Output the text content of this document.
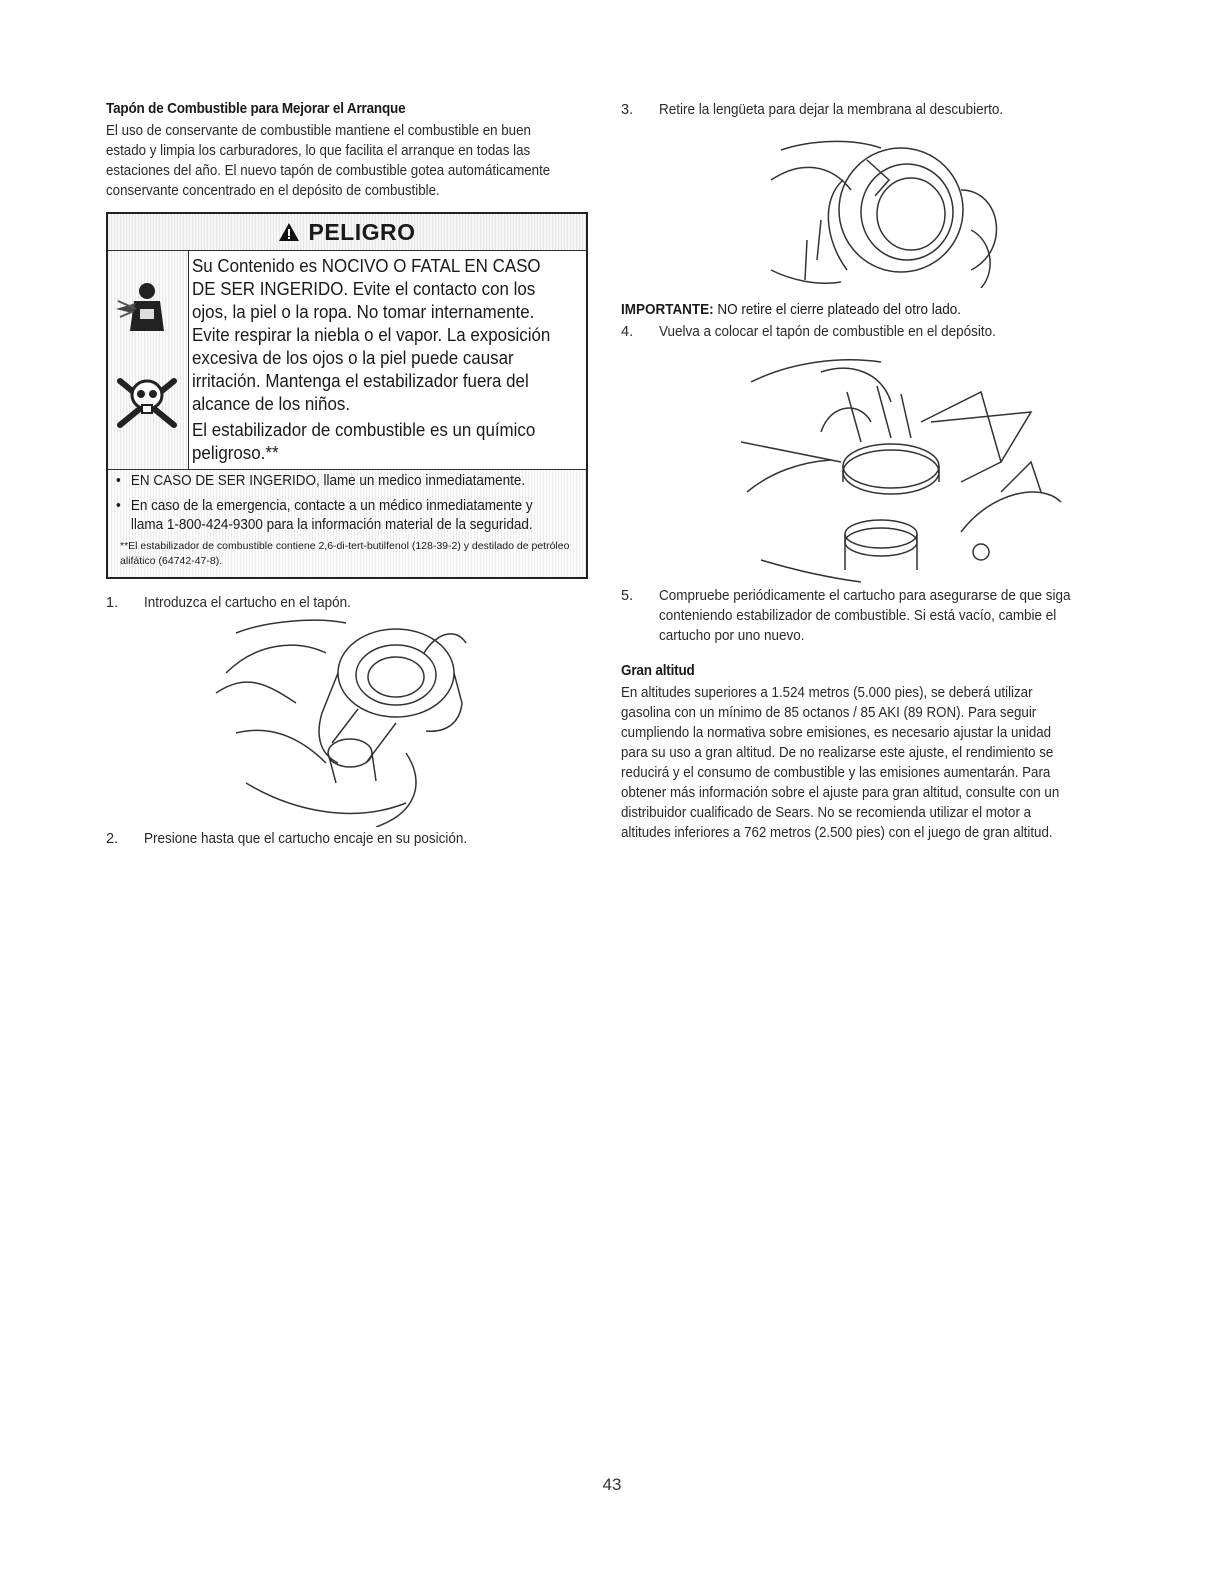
Tapón de Combustible para Mejorar el Arranque

El uso de conservante de combustible mantiene el combustible en buen estado y limpia los carburadores, lo que facilita el arranque en todas las estaciones del año. El nuevo tapón de combustible gotea automáticamente conservante concentrado en el depósito de combustible.

PELIGRO

Su Contenido es NOCIVO O FATAL EN CASO DE SER INGERIDO. Evite el contacto con los ojos, la piel o la ropa. No tomar internamente. Evite respirar la niebla o el vapor. La exposición excesiva de los ojos o la piel puede causar irritación. Mantenga el estabilizador fuera del alcance de los niños.

El estabilizador de combustible es un químico peligroso.**

• EN CASO DE SER INGERIDO, llame un medico inmediatamente.
• En caso de la emergencia, contacte a un médico inmediatamente y llama 1-800-424-9300 para la información material de la seguridad.
**El estabilizador de combustible contiene 2,6-di-tert-butilfenol (128-39-2) y destilado de petróleo alifático (64742-47-8).
1.	Introduzca el cartucho en el tapón.
2.	Presione hasta que el cartucho encaje en su posición.
3.	Retire la lengüeta para dejar la membrana al descubierto.
IMPORTANTE: NO retire el cierre plateado del otro lado.
4.	Vuelva a colocar el tapón de combustible en el depósito.
5.	Compruebe periódicamente el cartucho para asegurarse de que siga conteniendo estabilizador de combustible. Si está vacío, cambie el cartucho por uno nuevo.
Gran altitud

En altitudes superiores a 1.524 metros (5.000 pies), se deberá utilizar gasolina con un mínimo de 85 octanos / 85 AKI (89 RON). Para seguir cumpliendo la normativa sobre emisiones, es necesario ajustar la unidad para su uso a gran altitud. De no realizarse este ajuste, el rendimiento se reducirá y el consumo de combustible y las emisiones aumentarán. Para obtener más información sobre el ajuste para gran altitud, consulte con un distribuidor cualificado de Sears. No se recomienda utilizar el motor a altitudes inferiores a 762 metros (2.500 pies) con el juego de gran altitud.

43
